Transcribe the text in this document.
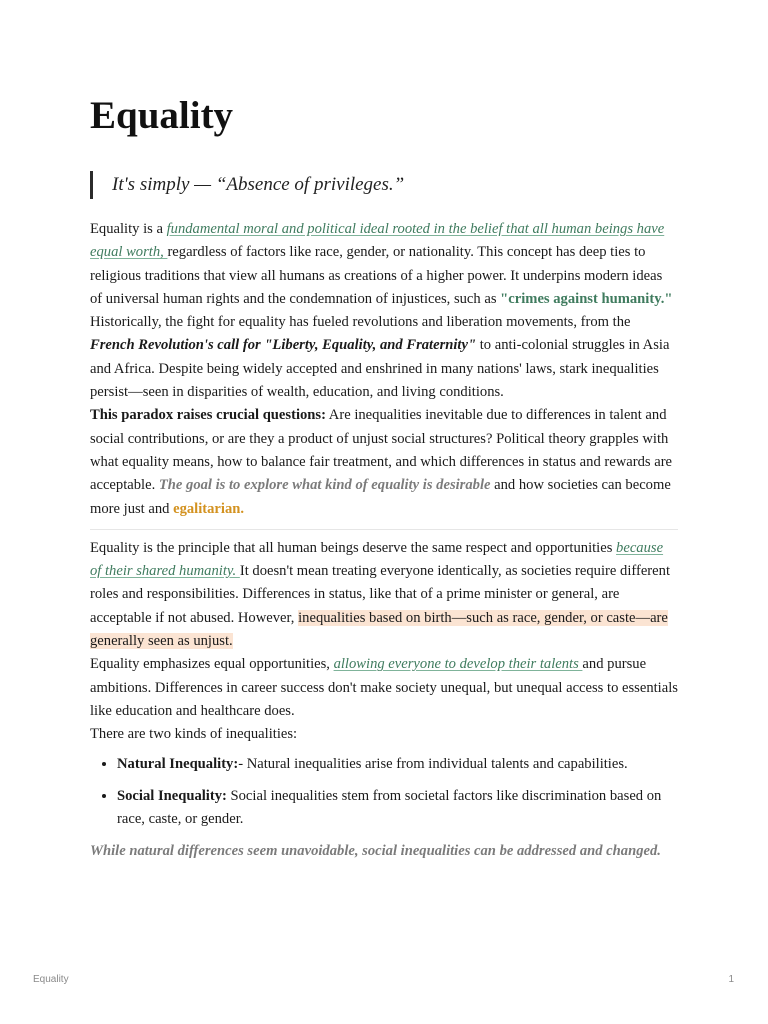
Equality
It's simply — “Absence of privileges.”

Equality is a fundamental moral and political ideal rooted in the belief that all human beings have equal worth, regardless of factors like race, gender, or nationality. This concept has deep ties to religious traditions that view all humans as creations of a higher power. It underpins modern ideas of universal human rights and the condemnation of injustices, such as "crimes against humanity."

Historically, the fight for equality has fueled revolutions and liberation movements, from the French Revolution's call for "Liberty, Equality, and Fraternity" to anti-colonial struggles in Asia and Africa. Despite being widely accepted and enshrined in many nations' laws, stark inequalities persist—seen in disparities of wealth, education, and living conditions.

This paradox raises crucial questions: Are inequalities inevitable due to differences in talent and social contributions, or are they a product of unjust social structures? Political theory grapples with what equality means, how to balance fair treatment, and which differences in status and rewards are acceptable. The goal is to explore what kind of equality is desirable and how societies can become more just and egalitarian.

Equality is the principle that all human beings deserve the same respect and opportunities because of their shared humanity. It doesn't mean treating everyone identically, as societies require different roles and responsibilities. Differences in status, like that of a prime minister or general, are acceptable if not abused. However, inequalities based on birth—such as race, gender, or caste—are generally seen as unjust.

Equality emphasizes equal opportunities, allowing everyone to develop their talents and pursue ambitions. Differences in career success don't make society unequal, but unequal access to essentials like education and healthcare does.

There are two kinds of inequalities:

• Natural Inequality:- Natural inequalities arise from individual talents and capabilities.
• Social Inequality: Social inequalities stem from societal factors like discrimination based on race, caste, or gender.

While natural differences seem unavoidable, social inequalities can be addressed and changed.

Equality	1
